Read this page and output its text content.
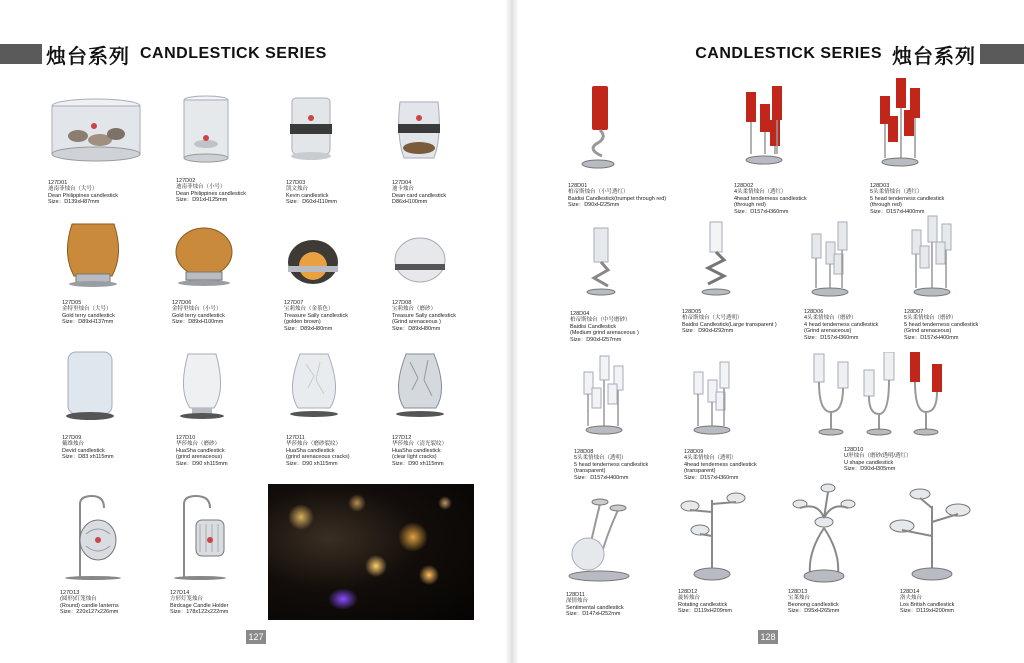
烛台系列 CANDLESTICK SERIES	CANDLESTICK SERIES 烛台系列
127D01
迪南菲烛台（大号）
Dean Philippines candlestick
Size：D139xH87mm
127D02
迪南菲烛台（小号）
Dean Philippines candlestick
Size：D91xH125mm
127D03
凯文烛台
Kevin candlestick
Size：D60xH110mm
127D04
迪卡烛台
Dean card candlestick
D86xH100mm
127D05
金特里烛台（大号）
Gold terry candlestick
Size：D89xH137mm
127D06
金特里烛台（小号）
Gold terry candlestick
Size：D89xH100mm
127D07
宝莉烛台（金茶色）
Treasure Sally candlestick
(golden brown)
Size：D89xH80mm
127D08
宝莉烛台（磨砂）
Treasure Sally candlestick
(Grind arenaceous )
Size：D89xH80mm
127D09
戴维烛台
Devid candlestick
Size：D83 xh115mm
127D10
华莎烛台（磨砂）
HuaSha candlestick
(grind arenaceous)
Size：D90 xh115mm
127D11
华莎烛台（磨砂裂纹）
HuaSha candlestick
(grind arenaceous cracks)
Size：D90 xh115mm
127D12
华莎烛台（清光裂纹）
HuaSha candlestick
(clear light cracks)
Size：D90 xh115mm
127D13
(圆形)灯笼烛台
(Round) candle lanterns
Size：220x127x226mm
127D14
方形灯笼烛台
Birdcage Candle Holder
Size：178x122x222mm
127
128D01
柏帝斯烛台（小号透红）
Baidisi Candlestick(trumpet through red)
Size：D90xH225mm
128D02
4头柔情烛台（透红）
4head tenderness candlestick
(through red)
Size：D157xH360mm
128D03
5头柔情烛台（透红）
5 head tenderness candlestick
(through red)
Size：D157xH400mm
128D04
柏帝斯烛台（中号磨砂）
Baidisi Candlestick
(Medium grind arenaceous )
Size：D90xH257mm
128D05
柏帝斯烛台（大号透明）
Baidisi Candlestick(Large transparent )
Size：D90xH292mm
128D06
4头柔情烛台（磨砂）
4 head tenderness candlestick
(Grind arenaceous)
Size：D157xH360mm
128D07
5头柔情烛台（磨砂）
5 head tenderness candlestick
(Grind arenaceous)
Size：D157xH400mm
128D08
5头柔情烛台（透明）
5 head tenderness candlestick
(transparent)
Size：D157xH400mm
128D09
4头柔情烛台（透明）
4head tenderness candlestick
(transparent)
Size：D157xH360mm
128D10
U形烛台（磨砂/透明/透红）
U shape candlestick
Size：D90xH305mm
128D11
深情烛台
Sentimental candlestick
Size：D147xH252mm
128D12
旋转烛台
Rotating candlestick
Size：D119xH209mm
128D13
宝莱烛台
Beonong candlestick
Size：D95xH265mm
128D14
洛夫烛台
Los British candlestick
Size：D119xH200mm
128
